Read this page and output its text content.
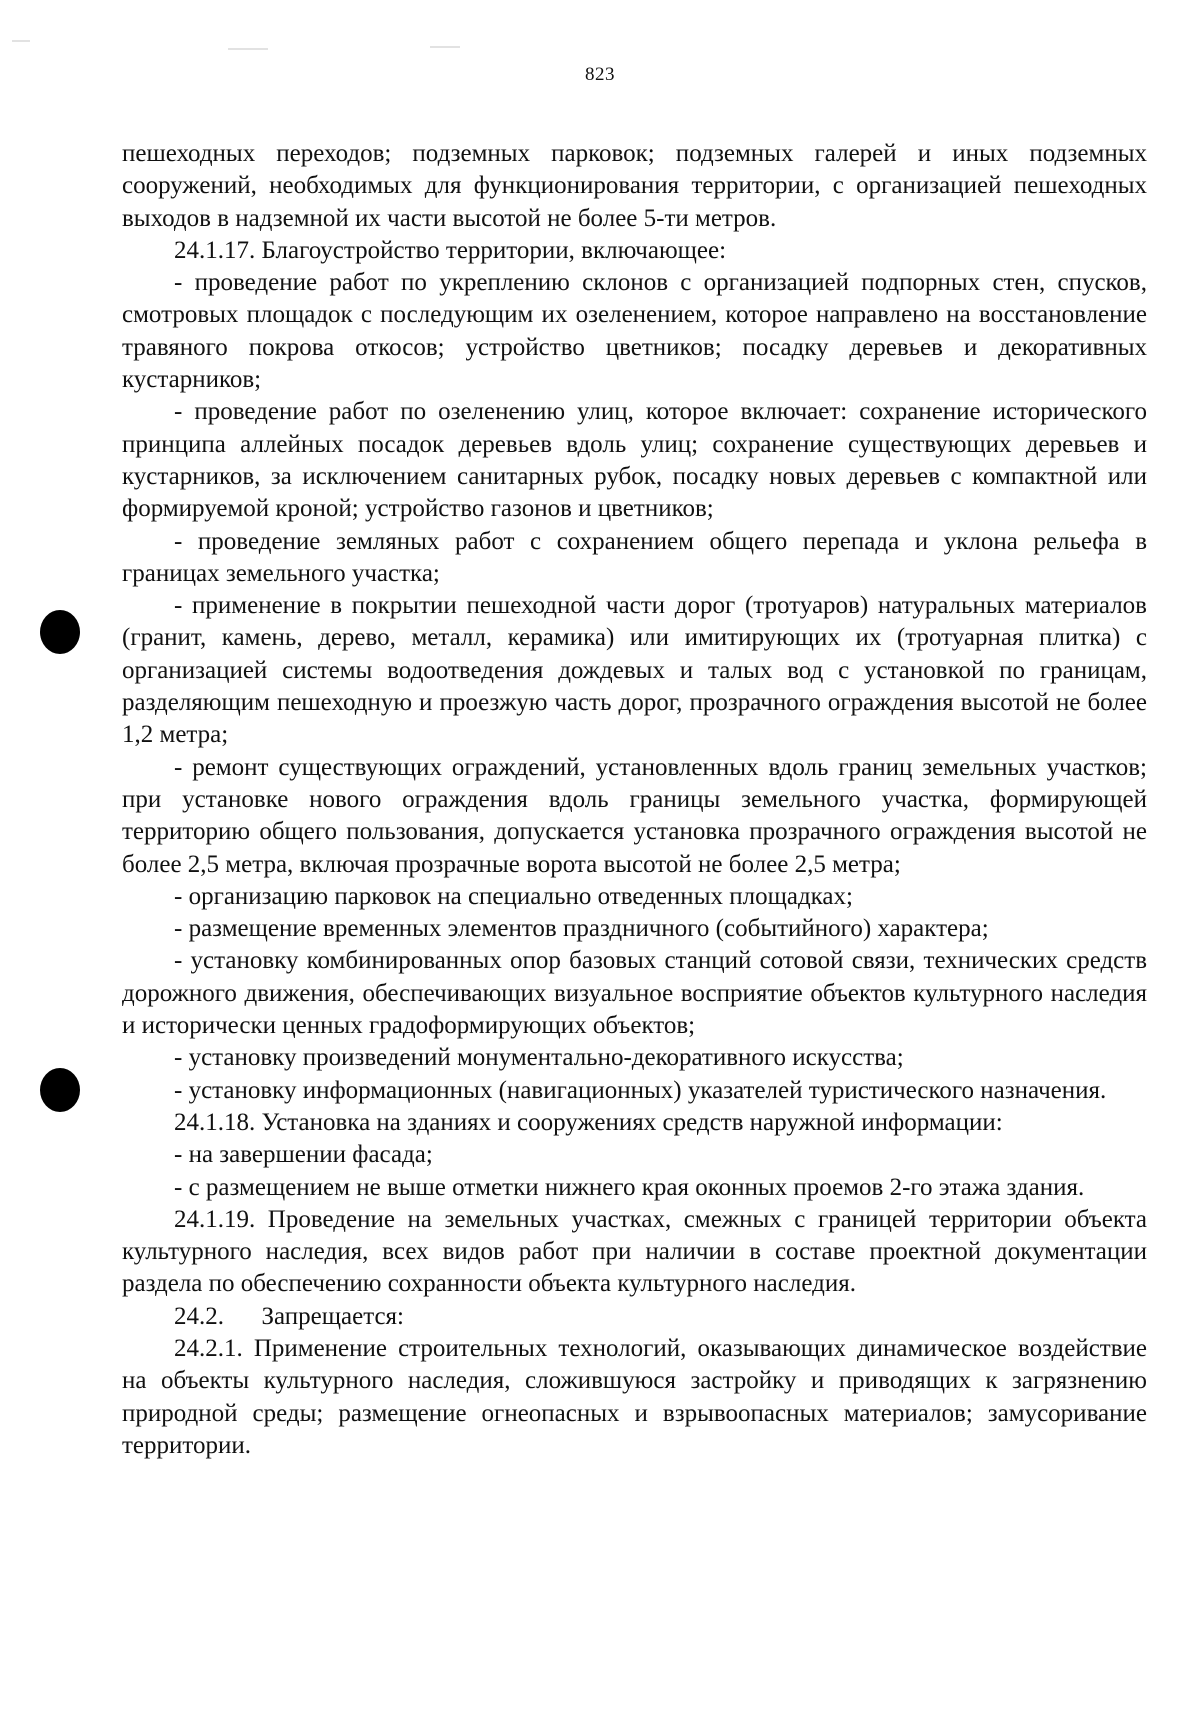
823

пешеходных переходов; подземных парковок; подземных галерей и иных подземных сооружений, необходимых для функционирования территории, с организацией пешеходных выходов в надземной их части высотой не более 5-ти метров.

24.1.17. Благоустройство территории, включающее:

- проведение работ по укреплению склонов с организацией подпорных стен, спусков, смотровых площадок с последующим их озеленением, которое направлено на восстановление травяного покрова откосов; устройство цветников; посадку деревьев и декоративных кустарников;

- проведение работ по озеленению улиц, которое включает: сохранение исторического принципа аллейных посадок деревьев вдоль улиц; сохранение существующих деревьев и кустарников, за исключением санитарных рубок, посадку новых деревьев с компактной или формируемой кроной; устройство газонов и цветников;

- проведение земляных работ с сохранением общего перепада и уклона рельефа в границах земельного участка;

- применение в покрытии пешеходной части дорог (тротуаров) натуральных материалов (гранит, камень, дерево, металл, керамика) или имитирующих их (тротуарная плитка) с организацией системы водоотведения дождевых и талых вод с установкой по границам, разделяющим пешеходную и проезжую часть дорог, прозрачного ограждения высотой не более 1,2 метра;

- ремонт существующих ограждений, установленных вдоль границ земельных участков; при установке нового ограждения вдоль границы земельного участка, формирующей территорию общего пользования, допускается установка прозрачного ограждения высотой не более 2,5 метра, включая прозрачные ворота высотой не более 2,5 метра;

- организацию парковок на специально отведенных площадках;

- размещение временных элементов праздничного (событийного) характера;

- установку комбинированных опор базовых станций сотовой связи, технических средств дорожного движения, обеспечивающих визуальное восприятие объектов культурного наследия и исторически ценных градоформирующих объектов;

- установку произведений монументально-декоративного искусства;

- установку информационных (навигационных) указателей туристического назначения.

24.1.18. Установка на зданиях и сооружениях средств наружной информации:

- на завершении фасада;

- с размещением не выше отметки нижнего края оконных проемов 2-го этажа здания.

24.1.19. Проведение на земельных участках, смежных с границей территории объекта культурного наследия, всех видов работ при наличии в составе проектной документации раздела по обеспечению сохранности объекта культурного наследия.

24.2.      Запрещается:

24.2.1. Применение строительных технологий, оказывающих динамическое воздействие на объекты культурного наследия, сложившуюся застройку и приводящих к загрязнению природной среды; размещение огнеопасных и взрывоопасных материалов; замусоривание территории.
